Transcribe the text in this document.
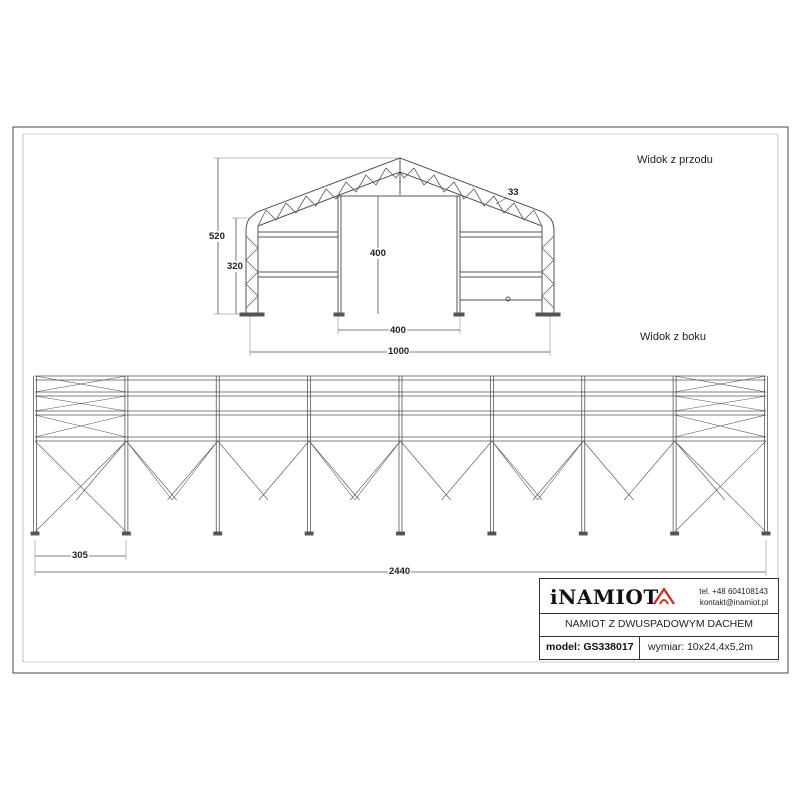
Widok z przodu
Widok z boku
520
320
400
33
400
1000
305
2440
iNAMIOT	tel. +48 604108143
kontakt@inamiot.pl
NAMIOT Z DWUSPADOWYM DACHEM
model: GS338017 wymiar: 10x24,4x5,2m
